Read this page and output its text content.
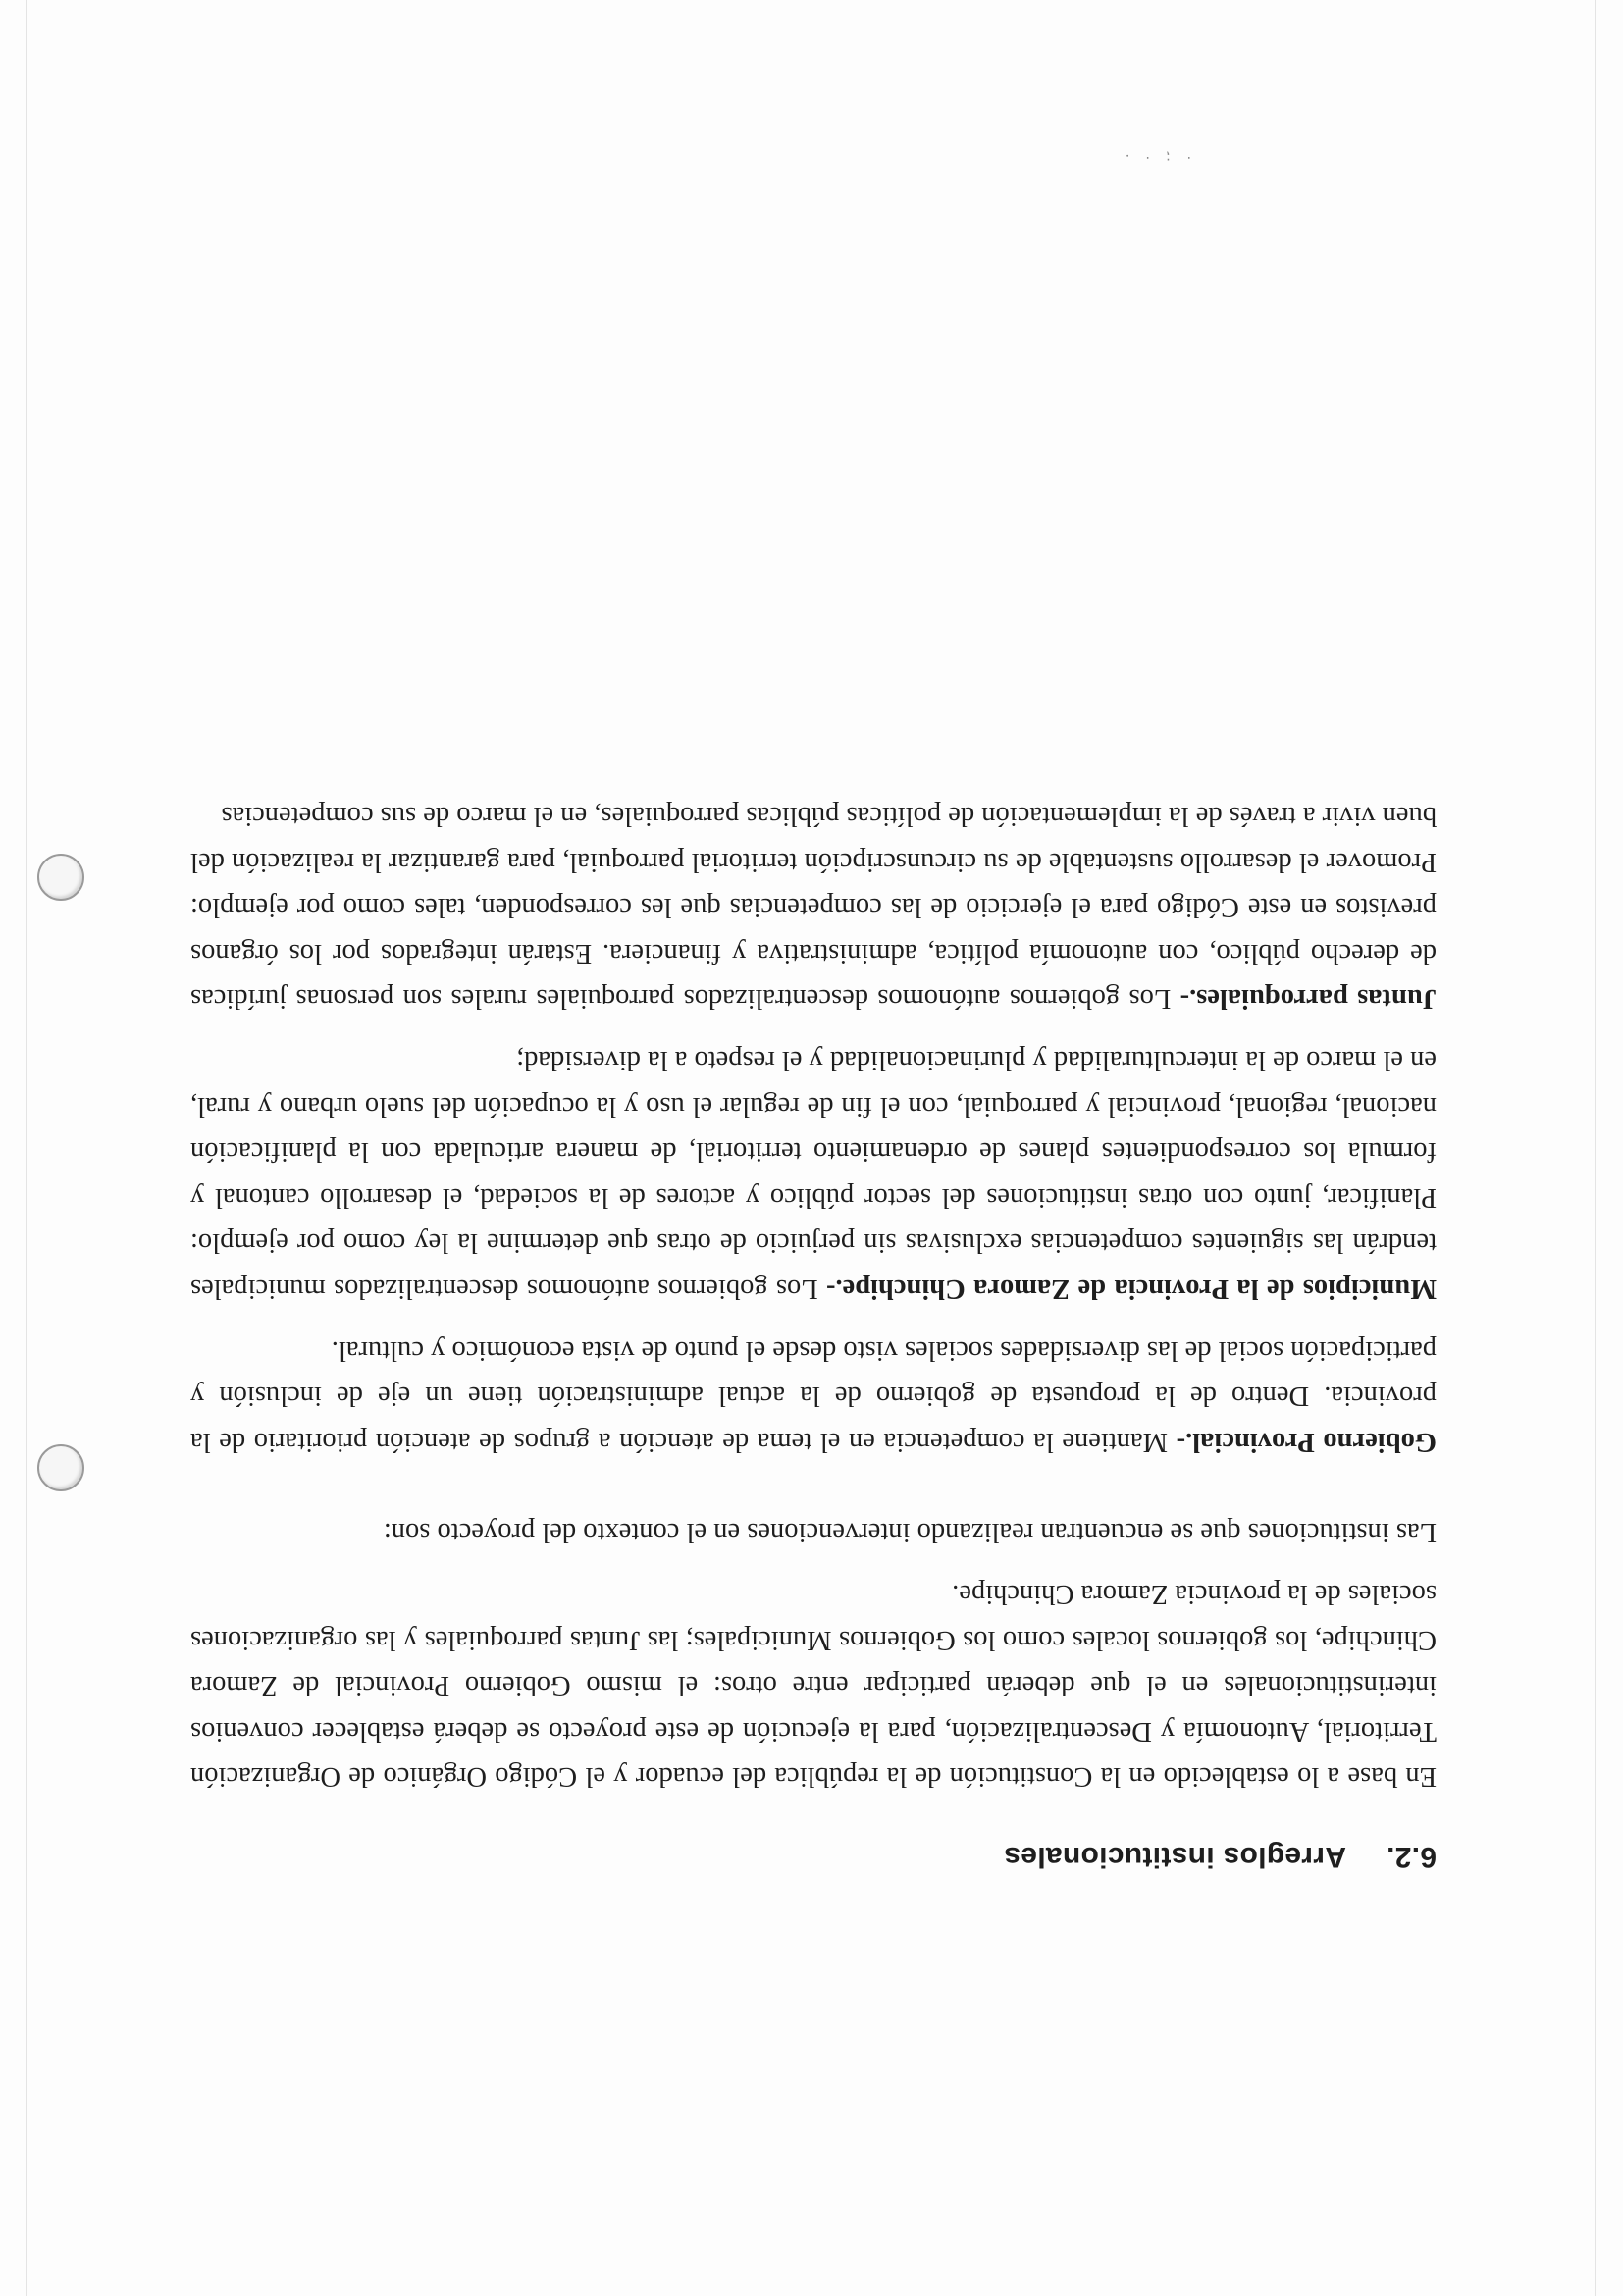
6.2.Arreglos institucionales

En base a lo establecido en la Constitución de la república del ecuador y el Código Orgánico de Organización Territorial, Autonomía y Descentralización, para la ejecución de este proyecto se deberá establecer convenios interinstitucionales en el que deberán participar entre otros: el mismo Gobierno Provincial de Zamora Chinchipe, los gobiernos locales como los Gobiernos Municipales; las Juntas parroquiales y las organizaciones sociales de la provincia Zamora Chinchipe.

Las instituciones que se encuentran realizando intervenciones en el contexto del proyecto son:

Gobierno Provincial.- Mantiene la competencia en el tema de atención a grupos de atención prioritario de la provincia. Dentro de la propuesta de gobierno de la actual administración tiene un eje de inclusión y participación social de las diversidades sociales visto desde el punto de vista económico y cultural.

Municipios de la Provincia de Zamora Chinchipe.- Los gobiernos autónomos descentralizados municipales tendrán las siguientes competencias exclusivas sin perjuicio de otras que determine la ley como por ejemplo: Planificar, junto con otras instituciones del sector público y actores de la sociedad, el desarrollo cantonal y formula los correspondientes planes de ordenamiento territorial, de manera articulada con la planificación nacional, regional, provincial y parroquial, con el fin de regular el uso y la ocupación del suelo urbano y rural, en el marco de la interculturalidad y plurinacionalidad y el respeto a la diversidad;

Juntas parroquiales.- Los gobiernos autónomos descentralizados parroquiales rurales son personas jurídicas de derecho público, con autonomía política, administrativa y financiera. Estarán integrados por los órganos previstos en este Código para el ejercicio de las competencias que les corresponden, tales como por ejemplo: Promover el desarrollo sustentable de su circunscripción territorial parroquial, para garantizar la realización del buen vivir a través de la implementación de políticas públicas parroquiales, en el marco de sus competencias

· ⁏ · ⸳
